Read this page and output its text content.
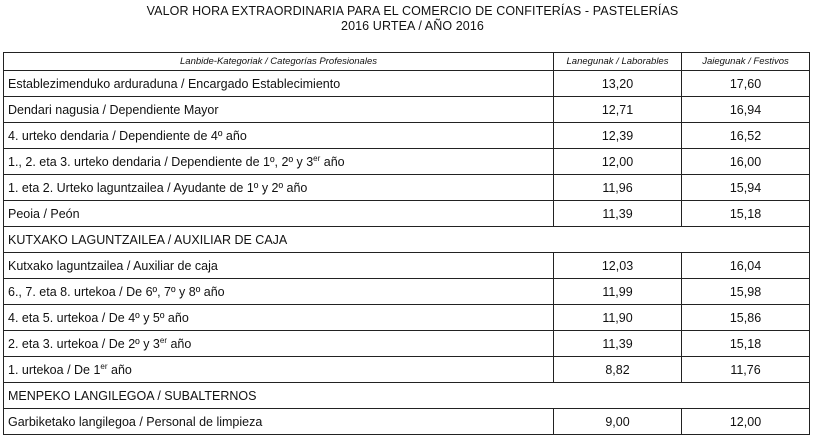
VALOR HORA EXTRAORDINARIA PARA EL COMERCIO DE CONFITERÍAS - PASTELERÍAS
2016 URTEA / AÑO 2016
Lanbide-Kategoriak / Categorías Profesionales	Lanegunak / Laborables	Jaiegunak / Festivos
Establezimenduko arduraduna / Encargado Establecimiento	13,20	17,60
Dendari nagusia / Dependiente Mayor	12,71	16,94
4. urteko dendaria / Dependiente de 4º año	12,39	16,52
1., 2. eta 3. urteko dendaria / Dependiente de 1º, 2º y 3er año	12,00	16,00
1. eta 2. Urteko laguntzailea / Ayudante de 1º y 2º año	11,96	15,94
Peoia / Peón	11,39	15,18
KUTXAKO LAGUNTZAILEA / AUXILIAR DE CAJA		
Kutxako laguntzailea / Auxiliar de caja	12,03	16,04
6., 7. eta 8. urtekoa / De 6º, 7º y 8º año	11,99	15,98
4. eta 5. urtekoa / De 4º y 5º año	11,90	15,86
2. eta 3. urtekoa / De 2º y 3er año	11,39	15,18
1. urtekoa / De 1er año	8,82	11,76
MENPEKO LANGILEGOA / SUBALTERNOS		
Garbiketako langilegoa / Personal de limpieza	9,00	12,00
